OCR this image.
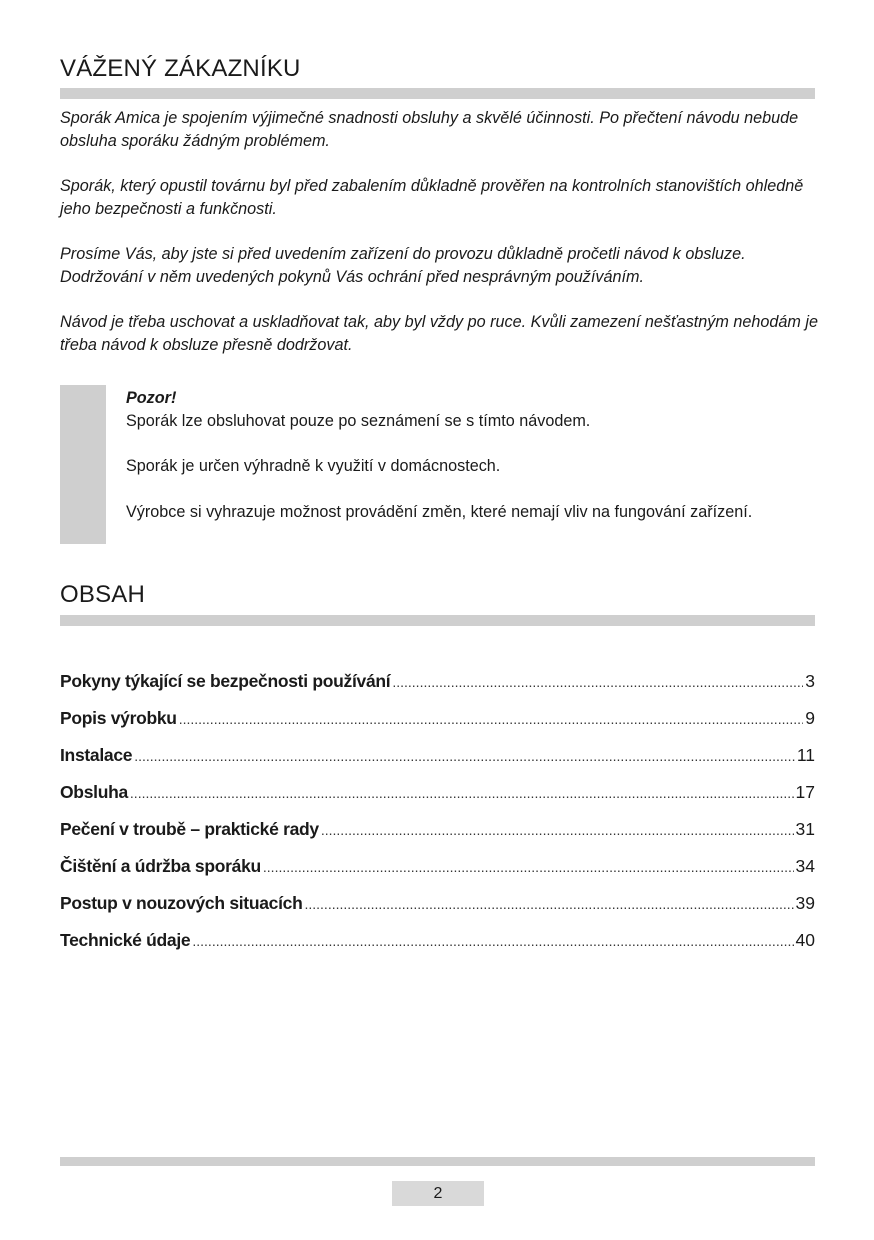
VÁŽENÝ ZÁKAZNÍKU

Sporák Amica je spojením výjimečné snadnosti obsluhy a skvělé účinnosti. Po přečtení návodu nebude obsluha sporáku žádným problémem.

Sporák, který opustil továrnu byl před zabalením důkladně prověřen na kontrolních stanovištích ohledně jeho bezpečnosti a funkčnosti.

Prosíme Vás, aby jste si před uvedením zařízení do provozu důkladně pročetli návod k obsluze. Dodržování v něm uvedených pokynů Vás ochrání před nesprávným používáním.

Návod je třeba uschovat a uskladňovat tak, aby byl vždy po ruce. Kvůli zamezení nešťastným nehodám je třeba návod k obsluze přesně dodržovat.

Pozor!

Sporák lze obsluhovat pouze po seznámení se s tímto návodem.

Sporák je určen výhradně k využití v domácnostech.

Výrobce si vyhrazuje možnost provádění změn, které nemají vliv na fungování zařízení.

OBSAH
Pokyny týkající se bezpečnosti používání .....	3
Popis výrobku .....	9
Instalace .....	11
Obsluha .....	17
Pečení v troubě – praktické rady .....	31
Čištění a údržba sporáku .....	34
Postup v nouzových situacích .....	39
Technické údaje .....	40
2
